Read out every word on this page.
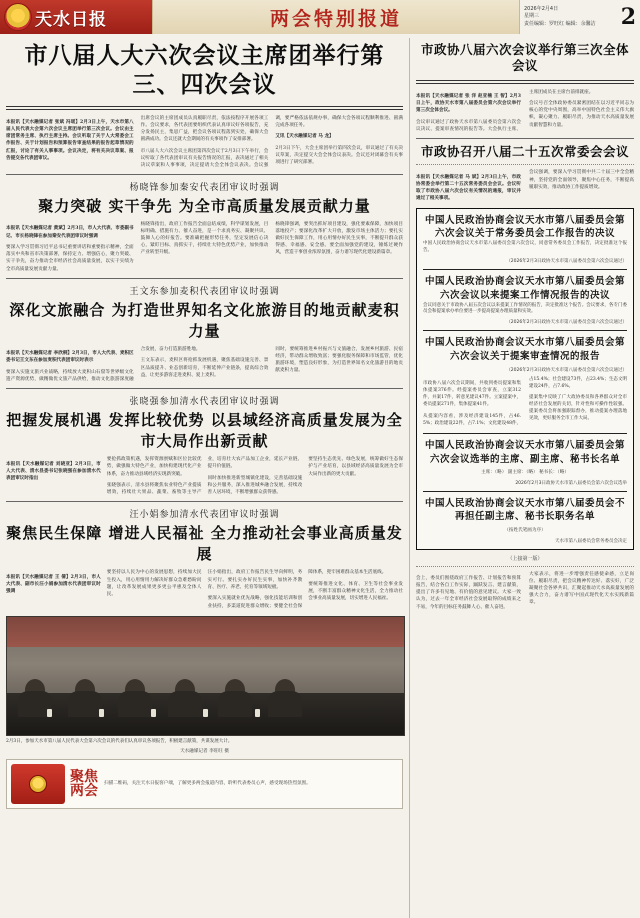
天水日报	两会特别报道	2026年2月4日
星期三
责任编辑：罗旺红 编辑：余馨洁 2
市八届人大六次会议主席团举行第三、四次会议

本报讯【天水融媒记者 张斌 冯瑶】2月3日上午，天水市第八届人民代表大会第六次会议主席团举行第三次会议。会议由主席团常务主席、执行主席主持。会议听取了关于人大常委会工作报告、关于计划报告和预算报告审查结果的报告起草情况的汇报，讨论了有关人事事项。会议决定，将有关决议草案、报告提交各代表团审议。

出席会议的主席团成员认真履职尽责，依法按程序开展各项工作。会议要求，各代表团要组织代表认真审议好各项报告，充分发扬民主，集思广益，把会议各项议程落到实处，确保大会圆满成功。会议还就大会期间的有关事项作了安排部署。

市八届人大六次会议主席团第四次会议于2月3日下午举行，会议听取了各代表团审议有关报告情况的汇报，表决通过了相关决议草案和人事事项，决定提请大会全体会议表决。会议强调，要严格依法依规办事，确保大会各项议程顺利推进、圆满完成各项任务。

又讯【天水融媒记者 马 龙】

2月3日下午，大会主席团举行第四次会议，审议通过了有关决议草案，决定提交大会全体会议表决。会议还对闭幕会有关事项进行了研究部署。

杨晓锋参加秦安代表团审议时强调
聚力突破 实干争先 为全市高质量发展贡献力量

本报讯【天水融媒记者 黄斌】2月3日，市人大代表、市委副书记、市长杨晓锋在参加秦安代表团审议时强调

要深入学习贯彻习近平总书记重要讲话和重要指示精神，全面落实中央和省市决策部署，保持定力、增强信心，聚力突破、实干争先，奋力推动全市经济社会高质量发展，以实干实绩为全市高质量发展贡献力量。

杨晓锋指出，政府工作报告全面总结成绩，科学谋划发展，目标明确、措施有力、催人奋进，是一个求真务实、凝聚共识、鼓舞人心的好报告。要准确把握形势任务，坚定发展信心决心，紧盯目标、真抓实干，持续壮大特色优势产业，加快推动产业转型升级。

杨晓锋强调，要突出抓好项目建设，强化要素保障，加快项目落地投产；要深化改革扩大开放，激发市场主体活力；要扎实做好民生保障工作，用心用情办好民生实事，不断提升群众获得感、幸福感、安全感。要全面加强党的建设，锤炼过硬作风，营造干事创业浓厚氛围，奋力谱写现代化建设新篇章。

王文东参加麦积代表团审议时强调
深化文旅融合 为打造世界知名文化旅游目的地贡献麦积力量

本报讯【天水融媒记者 李欣桐】2月3日，市人大代表、麦积区委书记王文东在参加麦积代表团审议时表示

要深入实施文旅兴业战略，持续放大麦积山石窟等世界级文化遗产资源优势，做精做优文旅产品供给，推动文化旅游深度融合发展，奋力打造旅游胜地。

王文东表示，麦积区将抢抓发展机遇，聚焦基础设施完善、景区品质提升、业态创新培育，不断延伸产业链条，提高综合效益，让更多游客走进麦积、爱上麦积。

同时，要统筹推进乡村振兴与文旅融合，发展乡村旅游、民宿经济，带动群众增收致富；要强化服务保障和市场监管，优化旅游环境，塑造良好形象，为打造世界知名文化旅游目的地贡献麦积力量。

张晓强参加清水代表团审议时强调
把握发展机遇 发挥比较优势 以县域经济高质量发展为全市大局作出新贡献

本报讯【天水融媒记者 刘晓亚】2月3日，市人大代表、清水县委书记张晓强在参加清水代表团审议时指出

要抢抓政策机遇，发挥资源禀赋和区位比较优势，做强做大特色产业，加快构建现代化产业体系，奋力推动县域经济实现新突破。

张晓强表示，清水县将聚焦农业特色产业提质增效，持续壮大果品、蔬菜、畜牧等主导产业，培育壮大农产品加工企业，延长产业链、提升价值链。

同时加快推进新型城镇化建设，完善基础设施和公共服务，深入推进城乡融合发展，持续改善人居环境，不断增强群众获得感。

要坚持生态优先、绿色发展，统筹做好生态保护与产业培育，以县域经济高质量发展为全市大局作出新的更大贡献。

汪小娟参加清水代表团审议时强调
聚焦民生保障 增进人民福祉 全力推动社会事业高质量发展

本报讯【天水融媒记者 王 倩】2月3日，市人大代表、副市长汪小娟参加清水代表团审议时强调

要坚持以人民为中心的发展思想，持续加大民生投入，用心用情用力解决好群众急难愁盼问题，让改革发展成果更多更公平惠及全体人民。

汪小娟指出，政府工作报告民生导向鲜明，务实可行。要扎实办好民生实事，加快补齐教育、医疗、养老、托育等领域短板。

要深入实施就业优先战略，强化技能培训和创业扶持，多渠道促进群众增收；要健全社会保障体系，兜牢困难群众基本生活底线。

要统筹推进文化、体育、卫生等社会事业发展，不断丰富群众精神文化生活，全力推动社会事业高质量发展，切实增进人民福祉。

2月3日，参加天水市第八届人民代表大会第六次会议的代表们认真审议各项报告，积极建言献策，共谋发展大计。
天水融媒记者 李旺旺 摄
聚焦
两会 扫描二维码，关注天水日报客户端，了解更多两会报道内容，聆听代表委员心声，感受现场热烈氛围。
市政协八届六次会议举行第三次全体会议

本报讯【天水融媒记者 张 洋 赵亚楠 王 智】2月3日上午，政协天水市第八届委员会第六次会议举行第三次全体会议。

会议审议通过了政协天水市第八届委员会第六次会议决议、提案审查情况的报告等。大会执行主席、主席团成员在主席台前排就座。

会议号召全体政协委员紧密团结在以习近平同志为核心的党中央周围，高举中国特色社会主义伟大旗帜，凝心聚力、履职尽责，为推动天水高质量发展贡献智慧和力量。

市政协召开八届二十五次常委会会议

本报讯【天水融媒记者 马 斌】2月3日上午，市政协常委会举行第二十五次常务委员会会议。会议听取了市政协八届六次会议有关情况的通报，审议并通过了相关事项。

会议强调，要深入学习贯彻中共二十届三中全会精神，坚持党的全面领导，聚焦中心任务，不断提高履职实效，推动政协工作提质增效。

中国人民政治协商会议天水市第八届委员会第六次会议关于常务委员会工作报告的决议
中国人民政治协商会议天水市第八届委员会第六次会议，同意常务委员会工作报告，决定批准这个报告。
（2026年2月3日政协天水市第八届委员会第六次会议通过）
中国人民政治协商会议天水市第八届委员会第六次会议以来提案工作情况报告的决议
会议同意关于市政协八届五次会议以来提案工作情况的报告，决定批准这个报告。会议要求，各专门委员会和提案承办单位要进一步提高提案办理质量和实效。
（2026年2月3日政协天水市第八届委员会第六次会议通过）
中国人民政治协商会议天水市第八届委员会第六次会议关于提案审查情况的报告
（2026年2月3日政协天水市第八届委员会第六次会议通过）

市政协八届六次会议期间，共收到委员提案和集体提案376件。经提案委员会审查，立案312件，并案17件，转意见建议47件。立案提案中，委员提案271件，集体提案41件。

从提案内容看，涉及经济建设145件，占46.5%；政治建设22件，占7.1%；文化建设48件，占15.4%；社会建设73件，占23.4%；生态文明建设24件，占7.6%。

提案集中反映了广大政协委员和各界群众对全市经济社会发展的关切，针对性和可操作性较强。提案委员会将加强跟踪督办，推动提案办理落地见效，更好服务全市工作大局。

中国人民政治协商会议天水市第八届委员会第六次会议选举的主席、副主席、秘书长名单
主席：（略） 副主席：（略） 秘书长：（略）
2026年2月3日政协天水市第八届委员会第六次会议选举
中国人民政治协商会议天水市第八届委员会不再担任副主席、秘书长职务名单
（按姓氏笔画为序）
天水市第八届委员会常务委员会决定
（上接第一版）

会上，委员们围绕政府工作报告、计划报告和预算报告，结合各自工作实际，踊跃发言、建言献策，提出了许多有见地、有价值的意见建议。大家一致认为，过去一年全市经济社会发展取得的成绩来之不易，今年的目标任务鼓舞人心、催人奋进。

大家表示，将进一步增强责任感使命感，立足岗位、履职尽责，把会议精神传达好、落实好，广泛凝聚社会各界共识，汇聚起推动天水高质量发展的强大合力，奋力谱写中国式现代化天水实践新篇章。
